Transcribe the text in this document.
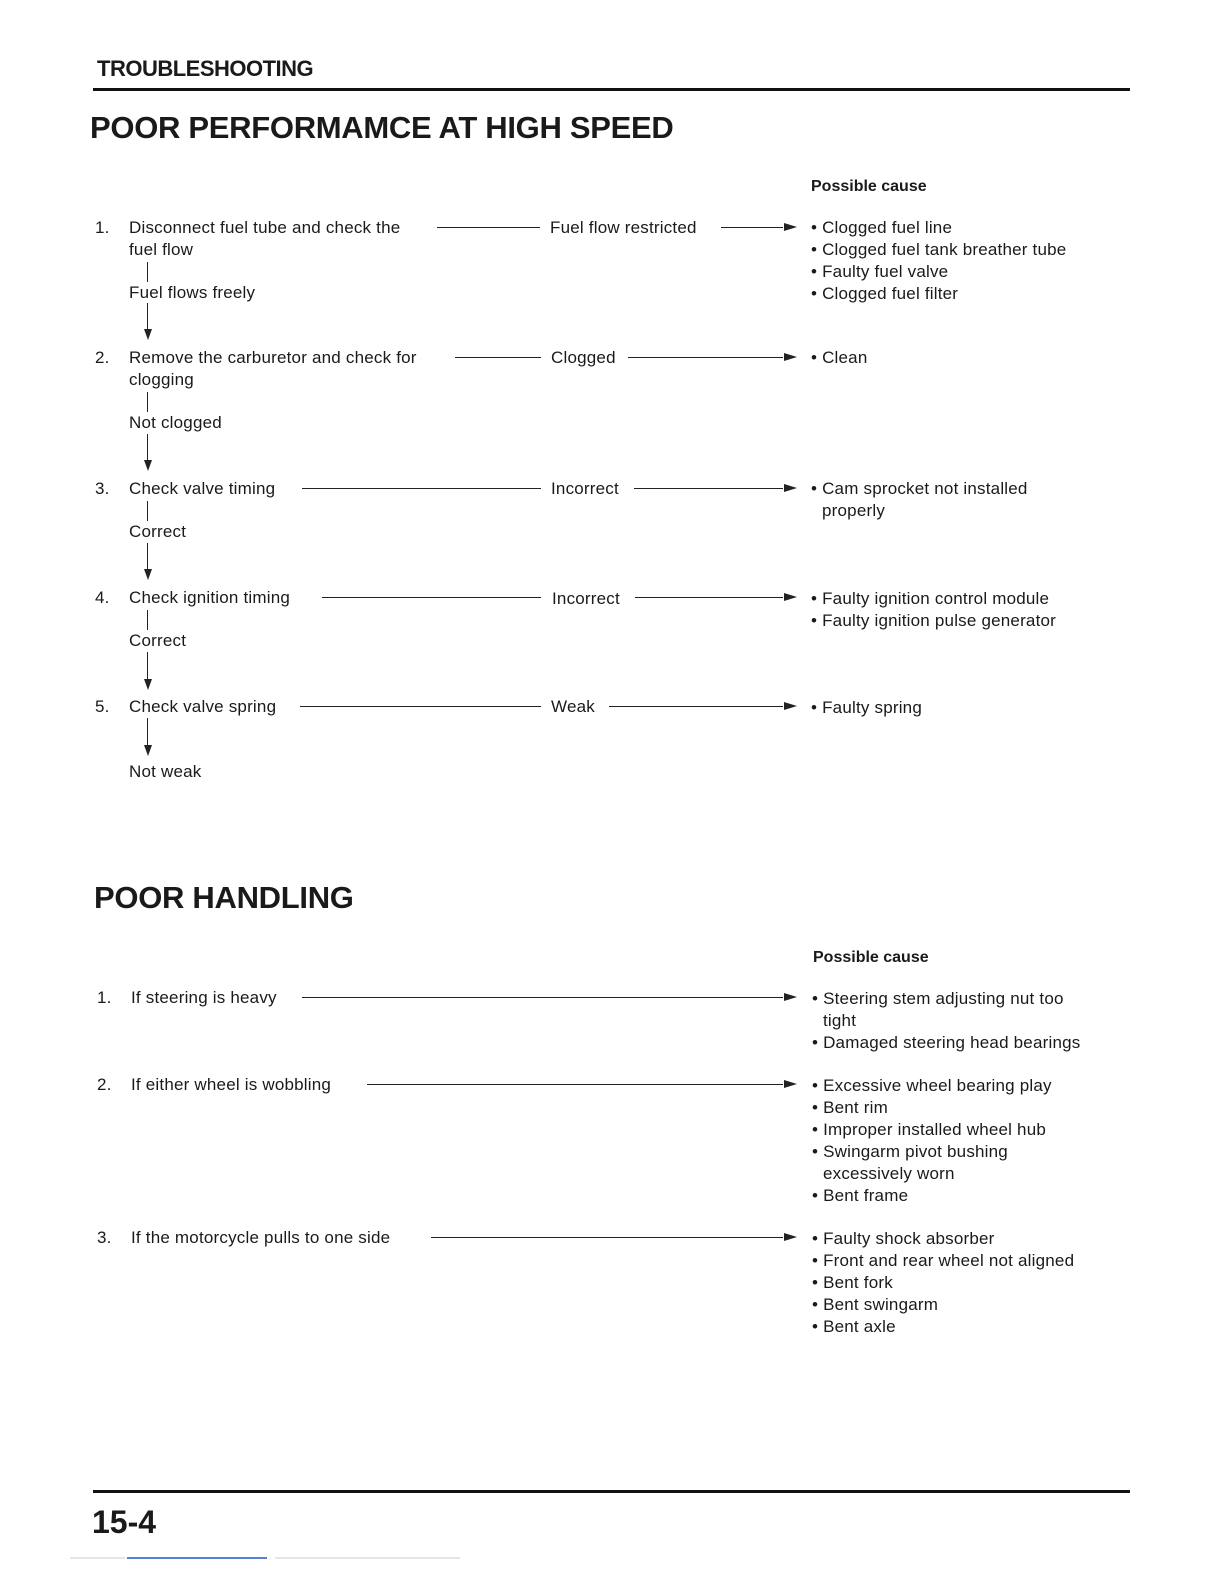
TROUBLESHOOTING
POOR PERFORMAMCE AT HIGH SPEED
Possible cause
1. Disconnect fuel tube and check the
fuel flow
Fuel flow restricted
Fuel flows freely
• Clogged fuel line
• Clogged fuel tank breather tube
• Faulty fuel valve
• Clogged fuel filter
2. Remove the carburetor and check for
clogging
Clogged
Not clogged
• Clean
3. Check valve timing	Incorrect
Correct
• Cam sprocket not installed
properly
4. Check ignition timing	Incorrect
Correct
• Faulty ignition control module
• Faulty ignition pulse generator
5. Check valve spring	Weak
Not weak
• Faulty spring
POOR HANDLING
Possible cause
1. If steering is heavy	• Steering stem adjusting nut too
tight
• Damaged steering head bearings
2. If either wheel is wobbling	• Excessive wheel bearing play
• Bent rim
• Improper installed wheel hub
• Swingarm pivot bushing
excessively worn
• Bent frame
3. If the motorcycle pulls to one side	• Faulty shock absorber
• Front and rear wheel not aligned
• Bent fork
• Bent swingarm
• Bent axle
15-4
